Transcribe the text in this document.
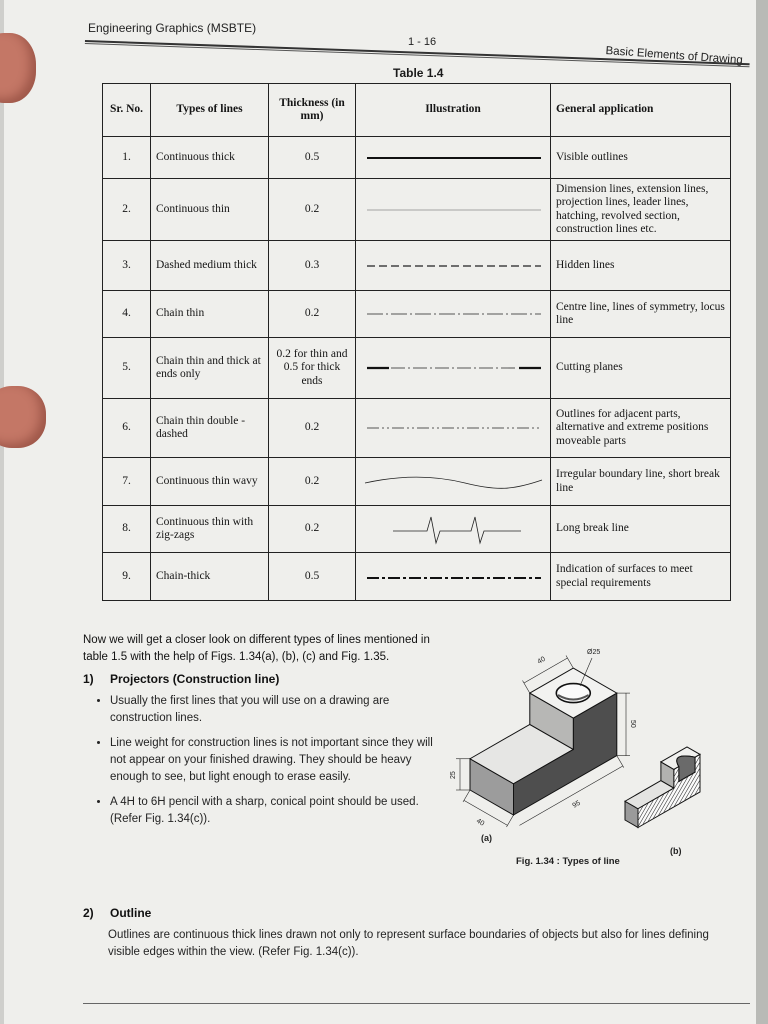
Engineering Graphics (MSBTE)
1 - 16
Basic Elements of Drawing
Table 1.4
Sr. No.	Types of lines	Thickness (in mm)	Illustration	General application
1.	Continuous thick	0.5		Visible outlines
2.	Continuous thin	0.2		Dimension lines, extension lines, projection lines, leader lines, hatching, revolved section, construction lines etc.
3.	Dashed medium thick	0.3		Hidden lines
4.	Chain thin	0.2		Centre line, lines of symmetry, locus line
5.	Chain thin and thick at ends only	0.2 for thin and 0.5 for thick ends		Cutting planes
6.	Chain thin double - dashed	0.2		Outlines for adjacent parts, alternative and extreme positions moveable parts
7.	Continuous thin wavy	0.2		Irregular boundary line, short break line
8.	Continuous thin with zig-zags	0.2		Long break line
9.	Chain-thick	0.5		Indication of surfaces to meet special requirements

Now we will get a closer look on different types of lines mentioned in table 1.5 with the help of Figs. 1.34(a), (b), (c) and Fig. 1.35.

1) Projectors (Construction line)
• Usually the first lines that you will use on a drawing are construction lines.
• Line weight for construction lines is not important since they will not appear on your finished drawing. They should be heavy enough to see, but light enough to erase easily.
• A 4H to 6H pencil with a sharp, conical point should be used. (Refer Fig. 1.34(c)).
2) Outline

Outlines are continuous thick lines drawn not only to represent surface boundaries of objects but also for lines defining visible edges within the view. (Refer Fig. 1.34(c)).

40
Ø25
50
25
40
95
(a)
(b)
Fig. 1.34 : Types of line
